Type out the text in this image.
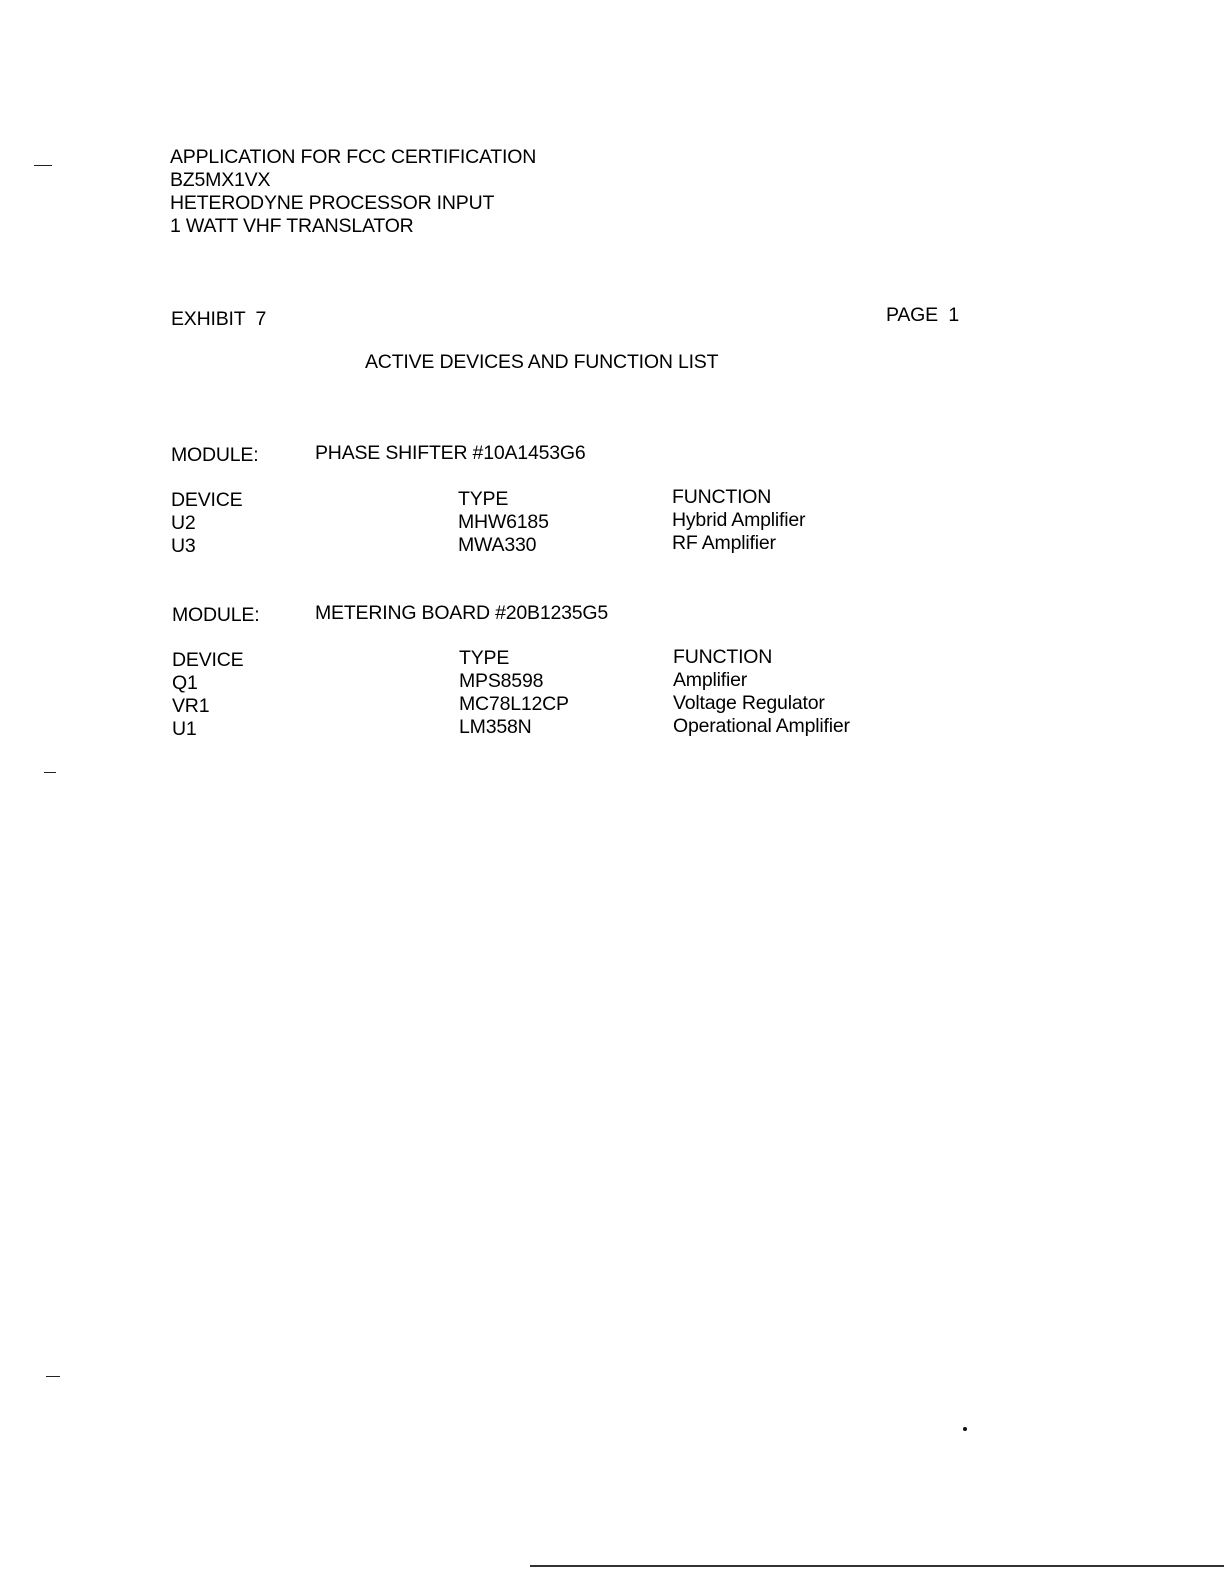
APPLICATION FOR FCC CERTIFICATION
BZ5MX1VX
HETERODYNE PROCESSOR INPUT
1 WATT VHF TRANSLATOR
EXHIBIT  7	PAGE  1
ACTIVE DEVICES AND FUNCTION LIST
MODULE:	PHASE SHIFTER #10A1453G6
DEVICE	TYPE	FUNCTION
U2	MHW6185	Hybrid Amplifier
U3	MWA330	RF Amplifier
MODULE:	METERING BOARD #20B1235G5
DEVICE	TYPE	FUNCTION
Q1	MPS8598	Amplifier
VR1	MC78L12CP	Voltage Regulator
U1	LM358N	Operational Amplifier
